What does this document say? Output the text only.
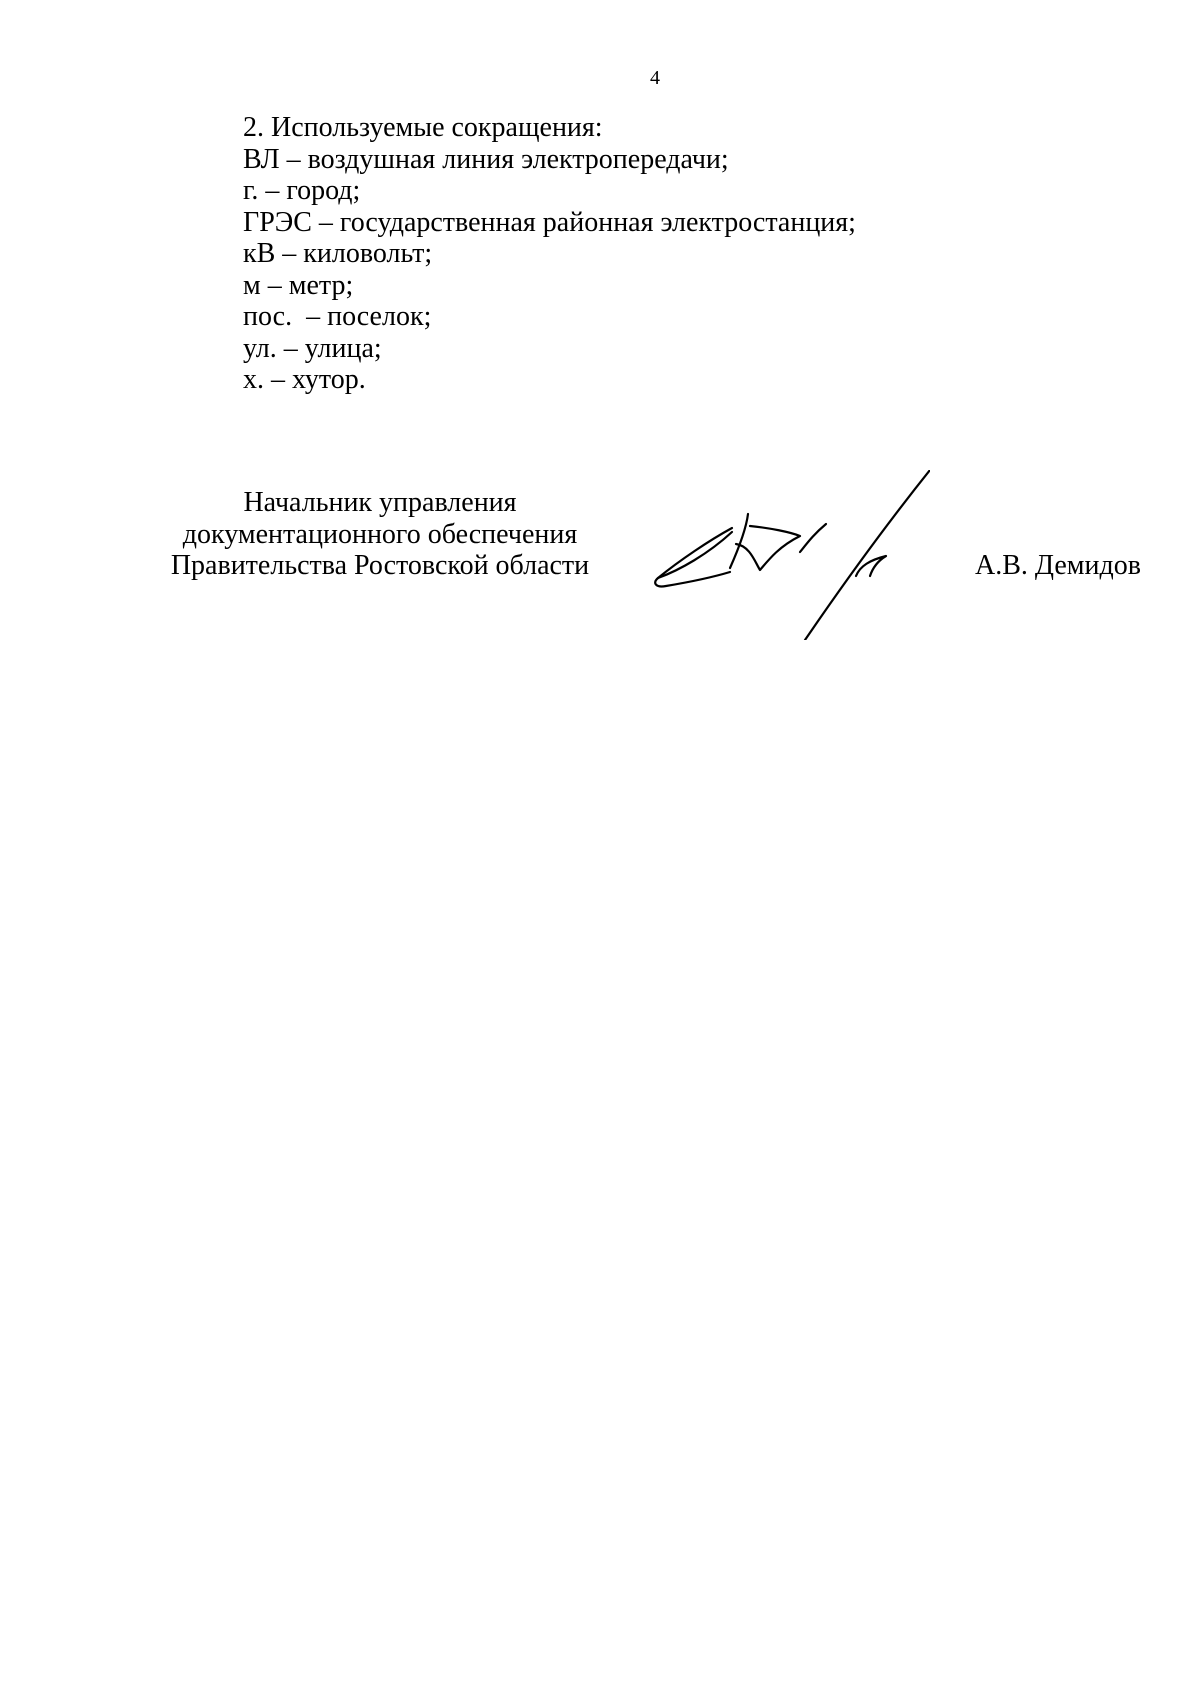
4
2. Используемые сокращения:
ВЛ – воздушная линия электропередачи;
г. – город;
ГРЭС – государственная районная электростанция;
кВ – киловольт;
м – метр;
пос.  – поселок;
ул. – улица;
х. – хутор.
Начальник управления
документационного обеспечения
Правительства Ростовской области	А.В. Демидов
